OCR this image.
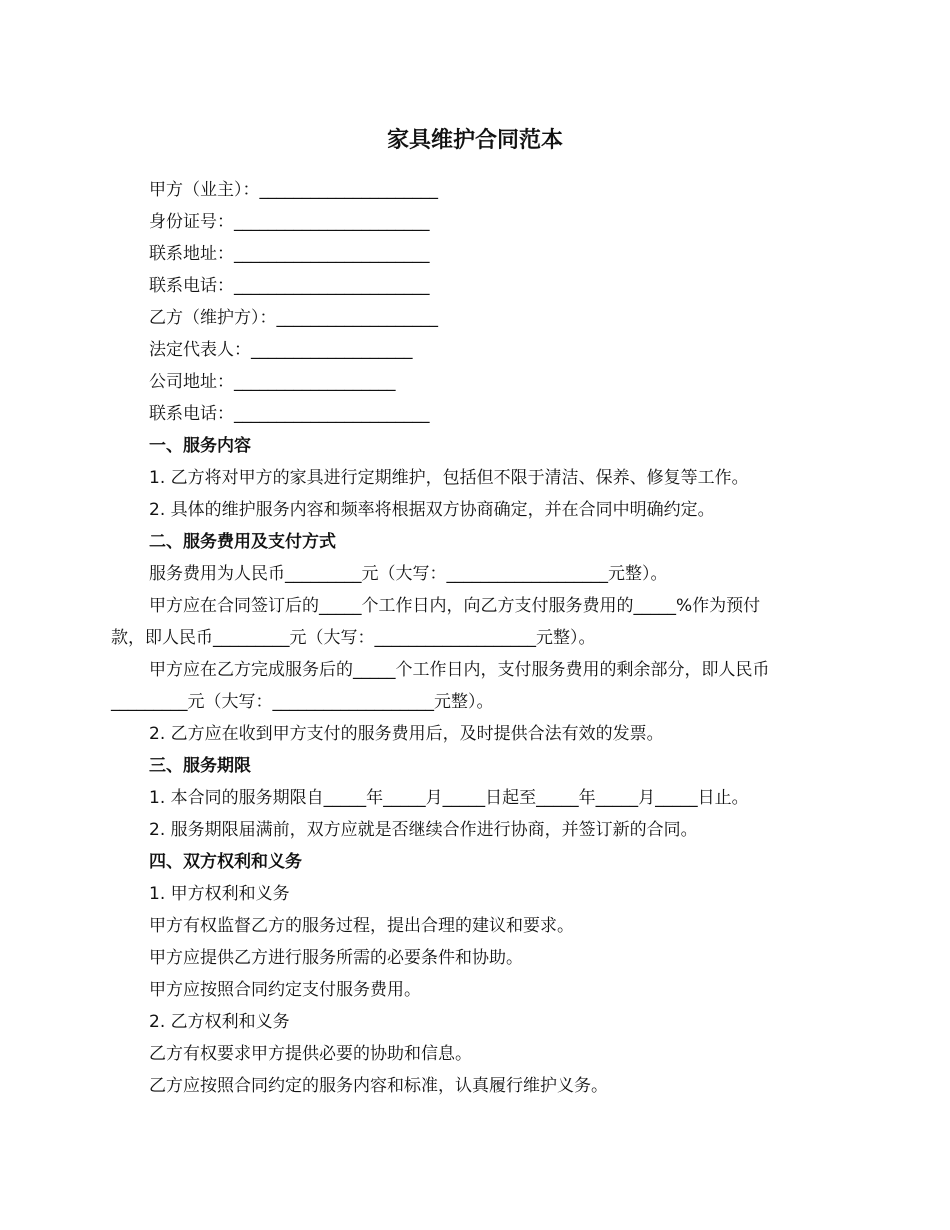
家具维护合同范本
甲方（业主）：_____________________
身份证号：_______________________
联系地址：_______________________
联系电话：_______________________
乙方（维护方）：___________________
法定代表人：___________________
公司地址：___________________
联系电话：_______________________
一、服务内容
1. 乙方将对甲方的家具进行定期维护，包括但不限于清洁、保养、修复等工作。
2. 具体的维护服务内容和频率将根据双方协商确定，并在合同中明确约定。
二、服务费用及支付方式
服务费用为人民币_________元（大写：___________________元整）。
甲方应在合同签订后的_____个工作日内，向乙方支付服务费用的_____%作为预付
款，即人民币_________元（大写：___________________元整）。
甲方应在乙方完成服务后的_____个工作日内，支付服务费用的剩余部分，即人民币
_________元（大写：___________________元整）。
2. 乙方应在收到甲方支付的服务费用后，及时提供合法有效的发票。
三、服务期限
1. 本合同的服务期限自_____年_____月_____日起至_____年_____月_____日止。
2. 服务期限届满前，双方应就是否继续合作进行协商，并签订新的合同。
四、双方权利和义务
1. 甲方权利和义务
甲方有权监督乙方的服务过程，提出合理的建议和要求。
甲方应提供乙方进行服务所需的必要条件和协助。
甲方应按照合同约定支付服务费用。
2. 乙方权利和义务
乙方有权要求甲方提供必要的协助和信息。
乙方应按照合同约定的服务内容和标准，认真履行维护义务。
